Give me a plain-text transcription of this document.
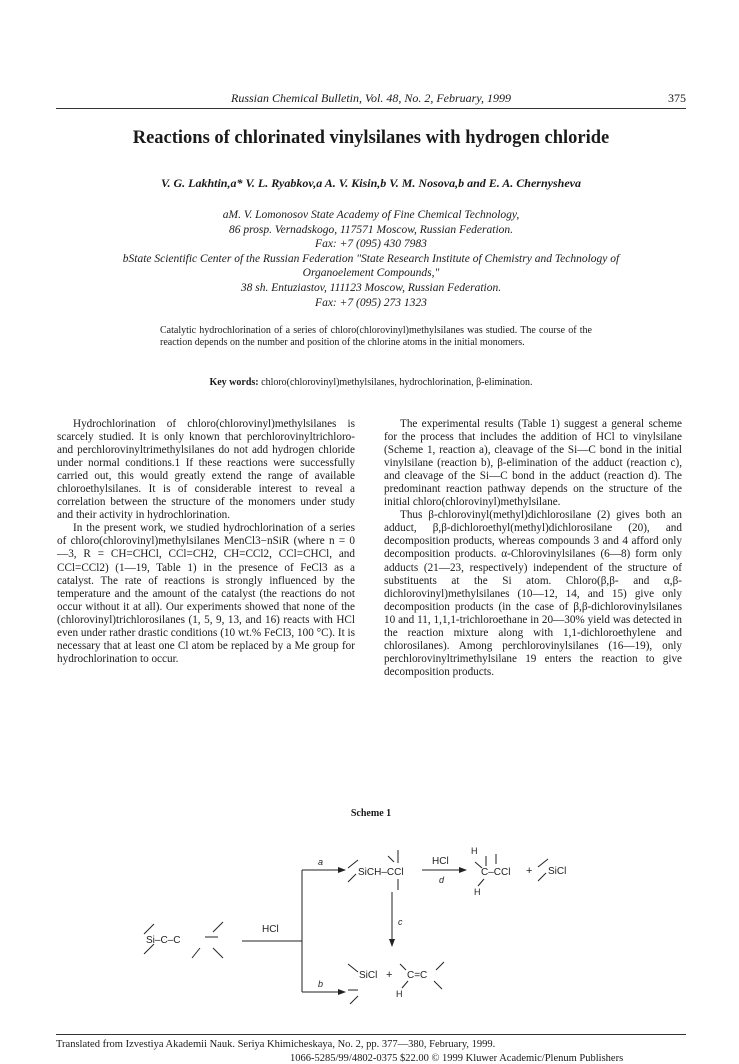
Russian Chemical Bulletin, Vol. 48, No. 2, February, 1999	375
Reactions of chlorinated vinylsilanes with hydrogen chloride
V. G. Lakhtin,a* V. L. Ryabkov,a A. V. Kisin,b V. M. Nosova,b and E. A. Chernyshevа
aM. V. Lomonosov State Academy of Fine Chemical Technology,
86 prosp. Vernadskogo, 117571 Moscow, Russian Federation.
Fax: +7 (095) 430 7983
bState Scientific Center of the Russian Federation "State Research Institute of Chemistry and Technology of
Organoelement Compounds,"
38 sh. Entuziastov, 111123 Moscow, Russian Federation.
Fax: +7 (095) 273 1323
Catalytic hydrochlorination of a series of chloro(chlorovinyl)methylsilanes was studied. The course of the reaction depends on the number and position of the chlorine atoms in the initial monomers.
Key words: chloro(chlorovinyl)methylsilanes, hydrochlorination, β-elimination.

Hydrochlorination of chloro(chlorovinyl)methylsilanes is scarcely studied. It is only known that perchlorovinyltrichloro- and perchlorovinyltrimethylsilanes do not add hydrogen chloride under normal conditions.1 If these reactions were successfully carried out, this would greatly extend the range of available chloroethylsilanes. It is of considerable interest to reveal a correlation between the structure of the monomers under study and their activity in hydrochlorination.

In the present work, we studied hydrochlorination of a series of chloro(chlorovinyl)methylsilanes MenCl3−nSiR (where n = 0—3, R = CH=CHCl, CCl=CH2, CH=CCl2, CCl=CHCl, and CCl=CCl2) (1—19, Table 1) in the presence of FeCl3 as a catalyst. The rate of reactions is strongly influenced by the temperature and the amount of the catalyst (the reactions do not occur without it at all). Our experiments showed that none of the (chlorovinyl)trichlorosilanes (1, 5, 9, 13, and 16) reacts with HCl even under rather drastic conditions (10 wt.% FeCl3, 100 °C). It is necessary that at least one Cl atom be replaced by a Me group for hydrochlorination to occur.

The experimental results (Table 1) suggest a general scheme for the process that includes the addition of HCl to vinylsilane (Scheme 1, reaction a), cleavage of the Si—C bond in the initial vinylsilane (reaction b), β-elimination of the adduct (reaction c), and cleavage of the Si—C bond in the adduct (reaction d). The predominant reaction pathway depends on the structure of the initial chloro(chlorovinyl)methylsilane.

Thus β-chlorovinyl(methyl)dichlorosilane (2) gives both an adduct, β,β-dichloroethyl(methyl)dichlorosilane (20), and decomposition products, whereas compounds 3 and 4 afford only decomposition products. α-Chlorovinylsilanes (6—8) form only adducts (21—23, respectively) independent of the structure of substituents at the Si atom. Chloro(β,β- and α,β-dichlorovinyl)methylsilanes (10—12, 14, and 15) give only decomposition products (in the case of β,β-dichlorovinylsilanes 10 and 11, 1,1,1-trichloroethane in 20—30% yield was detected in the reaction mixture along with 1,1-dichloroethylene and chlorosilanes). Among perchlorovinylsilanes (16—19), only perchlorovinyltrimethylsilane 19 enters the reaction to give decomposition products.

Scheme 1
Si–C–C
HCl
a
SiCH–CCl
HCl
d
H
C–CCl
H
+ SiCl
c
b
SiCl + C=C
H
Translated from Izvestiya Akademii Nauk. Seriya Khimicheskaya, No. 2, pp. 377—380, February, 1999.
1066-5285/99/4802-0375 $22.00 © 1999 Kluwer Academic/Plenum Publishers
